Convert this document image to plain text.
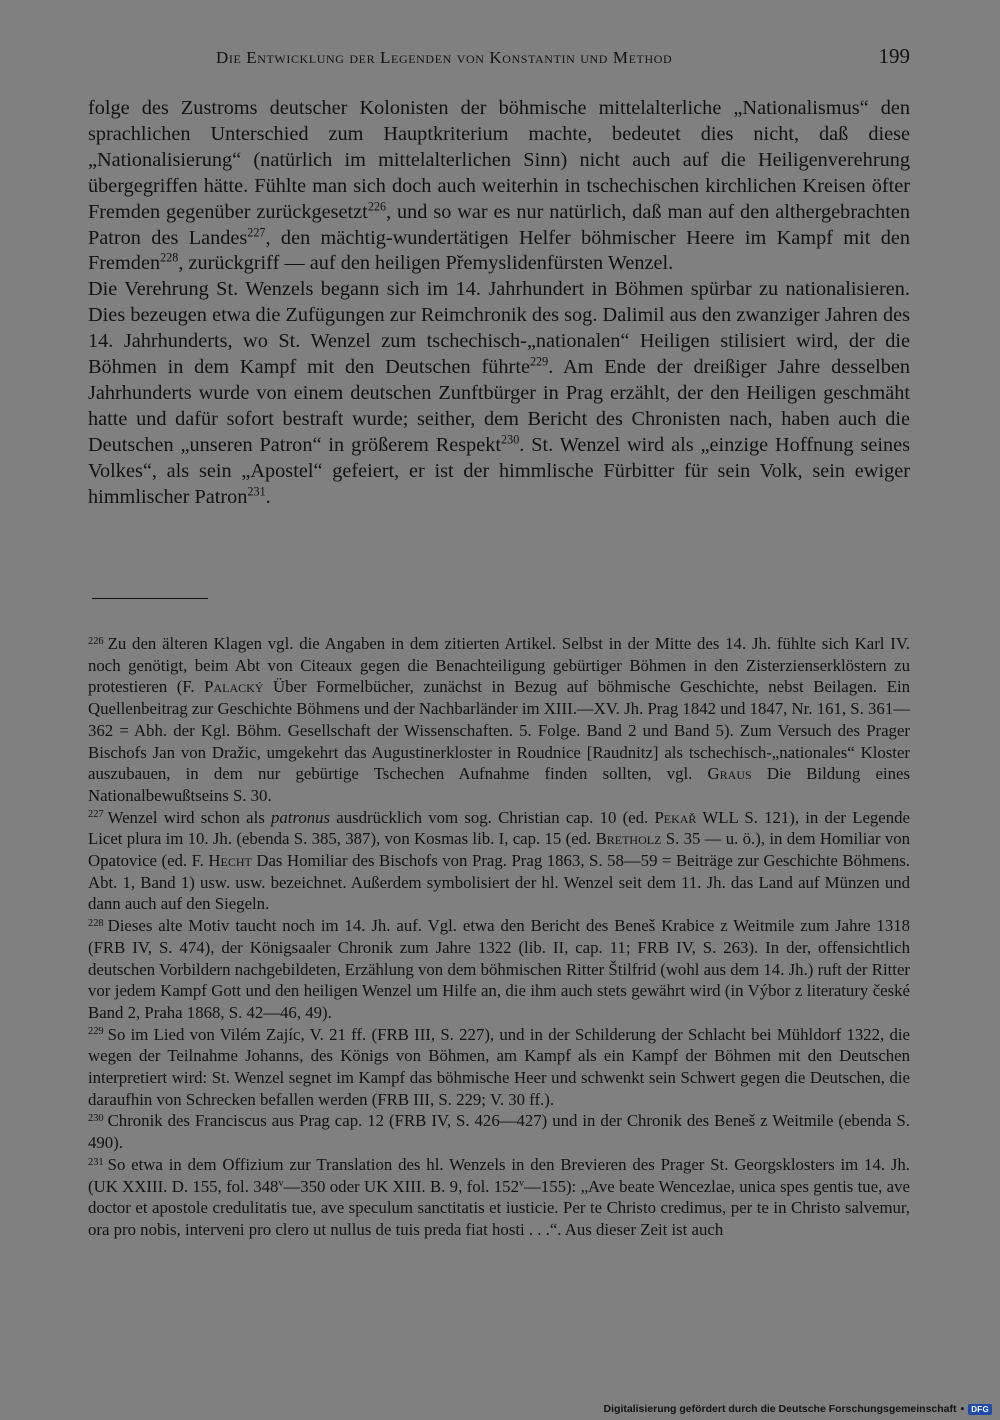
Die Entwicklung der Legenden von Konstantin und Method	199

folge des Zustroms deutscher Kolonisten der böhmische mittelalterliche „Nationalismus“ den sprachlichen Unterschied zum Hauptkriterium machte, bedeutet dies nicht, daß diese „Nationalisierung“ (natürlich im mittelalterlichen Sinn) nicht auch auf die Heiligenverehrung übergegriffen hätte. Fühlte man sich doch auch weiterhin in tschechischen kirchlichen Kreisen öfter Fremden gegenüber zurückgesetzt$^{226}$, und so war es nur natürlich, daß man auf den althergebrachten Patron des Landes$^{227}$, den mächtig-wundertätigen Helfer böhmischer Heere im Kampf mit den Fremden$^{228}$, zurückgriff — auf den heiligen Přemyslidenfürsten Wenzel.

Die Verehrung St. Wenzels begann sich im 14. Jahrhundert in Böhmen spürbar zu nationalisieren. Dies bezeugen etwa die Zufügungen zur Reimchronik des sog. Dalimil aus den zwanziger Jahren des 14. Jahrhunderts, wo St. Wenzel zum tschechisch-„nationalen“ Heiligen stilisiert wird, der die Böhmen in dem Kampf mit den Deutschen führte$^{229}$. Am Ende der dreißiger Jahre desselben Jahrhunderts wurde von einem deutschen Zunftbürger in Prag erzählt, der den Heiligen geschmäht hatte und dafür sofort bestraft wurde; seither, dem Bericht des Chronisten nach, haben auch die Deutschen „unseren Patron“ in größerem Respekt$^{230}$. St. Wenzel wird als „einzige Hoffnung seines Volkes“, als sein „Apostel“ gefeiert, er ist der himmlische Fürbitter für sein Volk, sein ewiger himmlischer Patron$^{231}$.

$^{226}$ Zu den älteren Klagen vgl. die Angaben in dem zitierten Artikel. Selbst in der Mitte des 14. Jh. fühlte sich Karl IV. noch genötigt, beim Abt von Citeaux gegen die Benachteiligung gebürtiger Böhmen in den Zisterzienserklöstern zu protestieren (F. Palacký Über Formelbücher, zunächst in Bezug auf böhmische Geschichte, nebst Beilagen. Ein Quellenbeitrag zur Geschichte Böhmens und der Nachbarländer im XIII.—XV. Jh. Prag 1842 und 1847, Nr. 161, S. 361—362 = Abh. der Kgl. Böhm. Gesellschaft der Wissenschaften. 5. Folge. Band 2 und Band 5). Zum Versuch des Prager Bischofs Jan von Dražic, umgekehrt das Augustinerkloster in Roudnice [Raudnitz] als tschechisch-„nationales“ Kloster auszubauen, in dem nur gebürtige Tschechen Aufnahme finden sollten, vgl. Graus Die Bildung eines Nationalbewußtseins S. 30.

$^{227}$ Wenzel wird schon als patronus ausdrücklich vom sog. Christian cap. 10 (ed. Pekař WLL S. 121), in der Legende Licet plura im 10. Jh. (ebenda S. 385, 387), von Kosmas lib. I, cap. 15 (ed. Bretholz S. 35 — u. ö.), in dem Homiliar von Opatovice (ed. F. Hecht Das Homiliar des Bischofs von Prag. Prag 1863, S. 58—59 = Beiträge zur Geschichte Böhmens. Abt. 1, Band 1) usw. usw. bezeichnet. Außerdem symbolisiert der hl. Wenzel seit dem 11. Jh. das Land auf Münzen und dann auch auf den Siegeln.

$^{228}$ Dieses alte Motiv taucht noch im 14. Jh. auf. Vgl. etwa den Bericht des Beneš Krabice z Weitmile zum Jahre 1318 (FRB IV, S. 474), der Königsaaler Chronik zum Jahre 1322 (lib. II, cap. 11; FRB IV, S. 263). In der, offensichtlich deutschen Vorbildern nachgebildeten, Erzählung von dem böhmischen Ritter Štilfrid (wohl aus dem 14. Jh.) ruft der Ritter vor jedem Kampf Gott und den heiligen Wenzel um Hilfe an, die ihm auch stets gewährt wird (in Výbor z literatury české Band 2, Praha 1868, S. 42—46, 49).

$^{229}$ So im Lied von Vilém Zajíc, V. 21 ff. (FRB III, S. 227), und in der Schilderung der Schlacht bei Mühldorf 1322, die wegen der Teilnahme Johanns, des Königs von Böhmen, am Kampf als ein Kampf der Böhmen mit den Deutschen interpretiert wird: St. Wenzel segnet im Kampf das böhmische Heer und schwenkt sein Schwert gegen die Deutschen, die daraufhin von Schrecken befallen werden (FRB III, S. 229; V. 30 ff.).

$^{230}$ Chronik des Franciscus aus Prag cap. 12 (FRB IV, S. 426—427) und in der Chronik des Beneš z Weitmile (ebenda S. 490).

$^{231}$ So etwa in dem Offizium zur Translation des hl. Wenzels in den Brevieren des Prager St. Georgsklosters im 14. Jh. (UK XXIII. D. 155, fol. 348$^v$—350 oder UK XIII. B. 9, fol. 152$^v$—155): „Ave beate Wencezlae, unica spes gentis tue, ave doctor et apostole credulitatis tue, ave speculum sanctitatis et iusticie. Per te Christo credimus, per te in Christo salvemur, ora pro nobis, interveni pro clero ut nullus de tuis preda fiat hosti . . .“. Aus dieser Zeit ist auch

Digitalisierung gefördert durch die Deutsche Forschungsgemeinschaft • DFG
